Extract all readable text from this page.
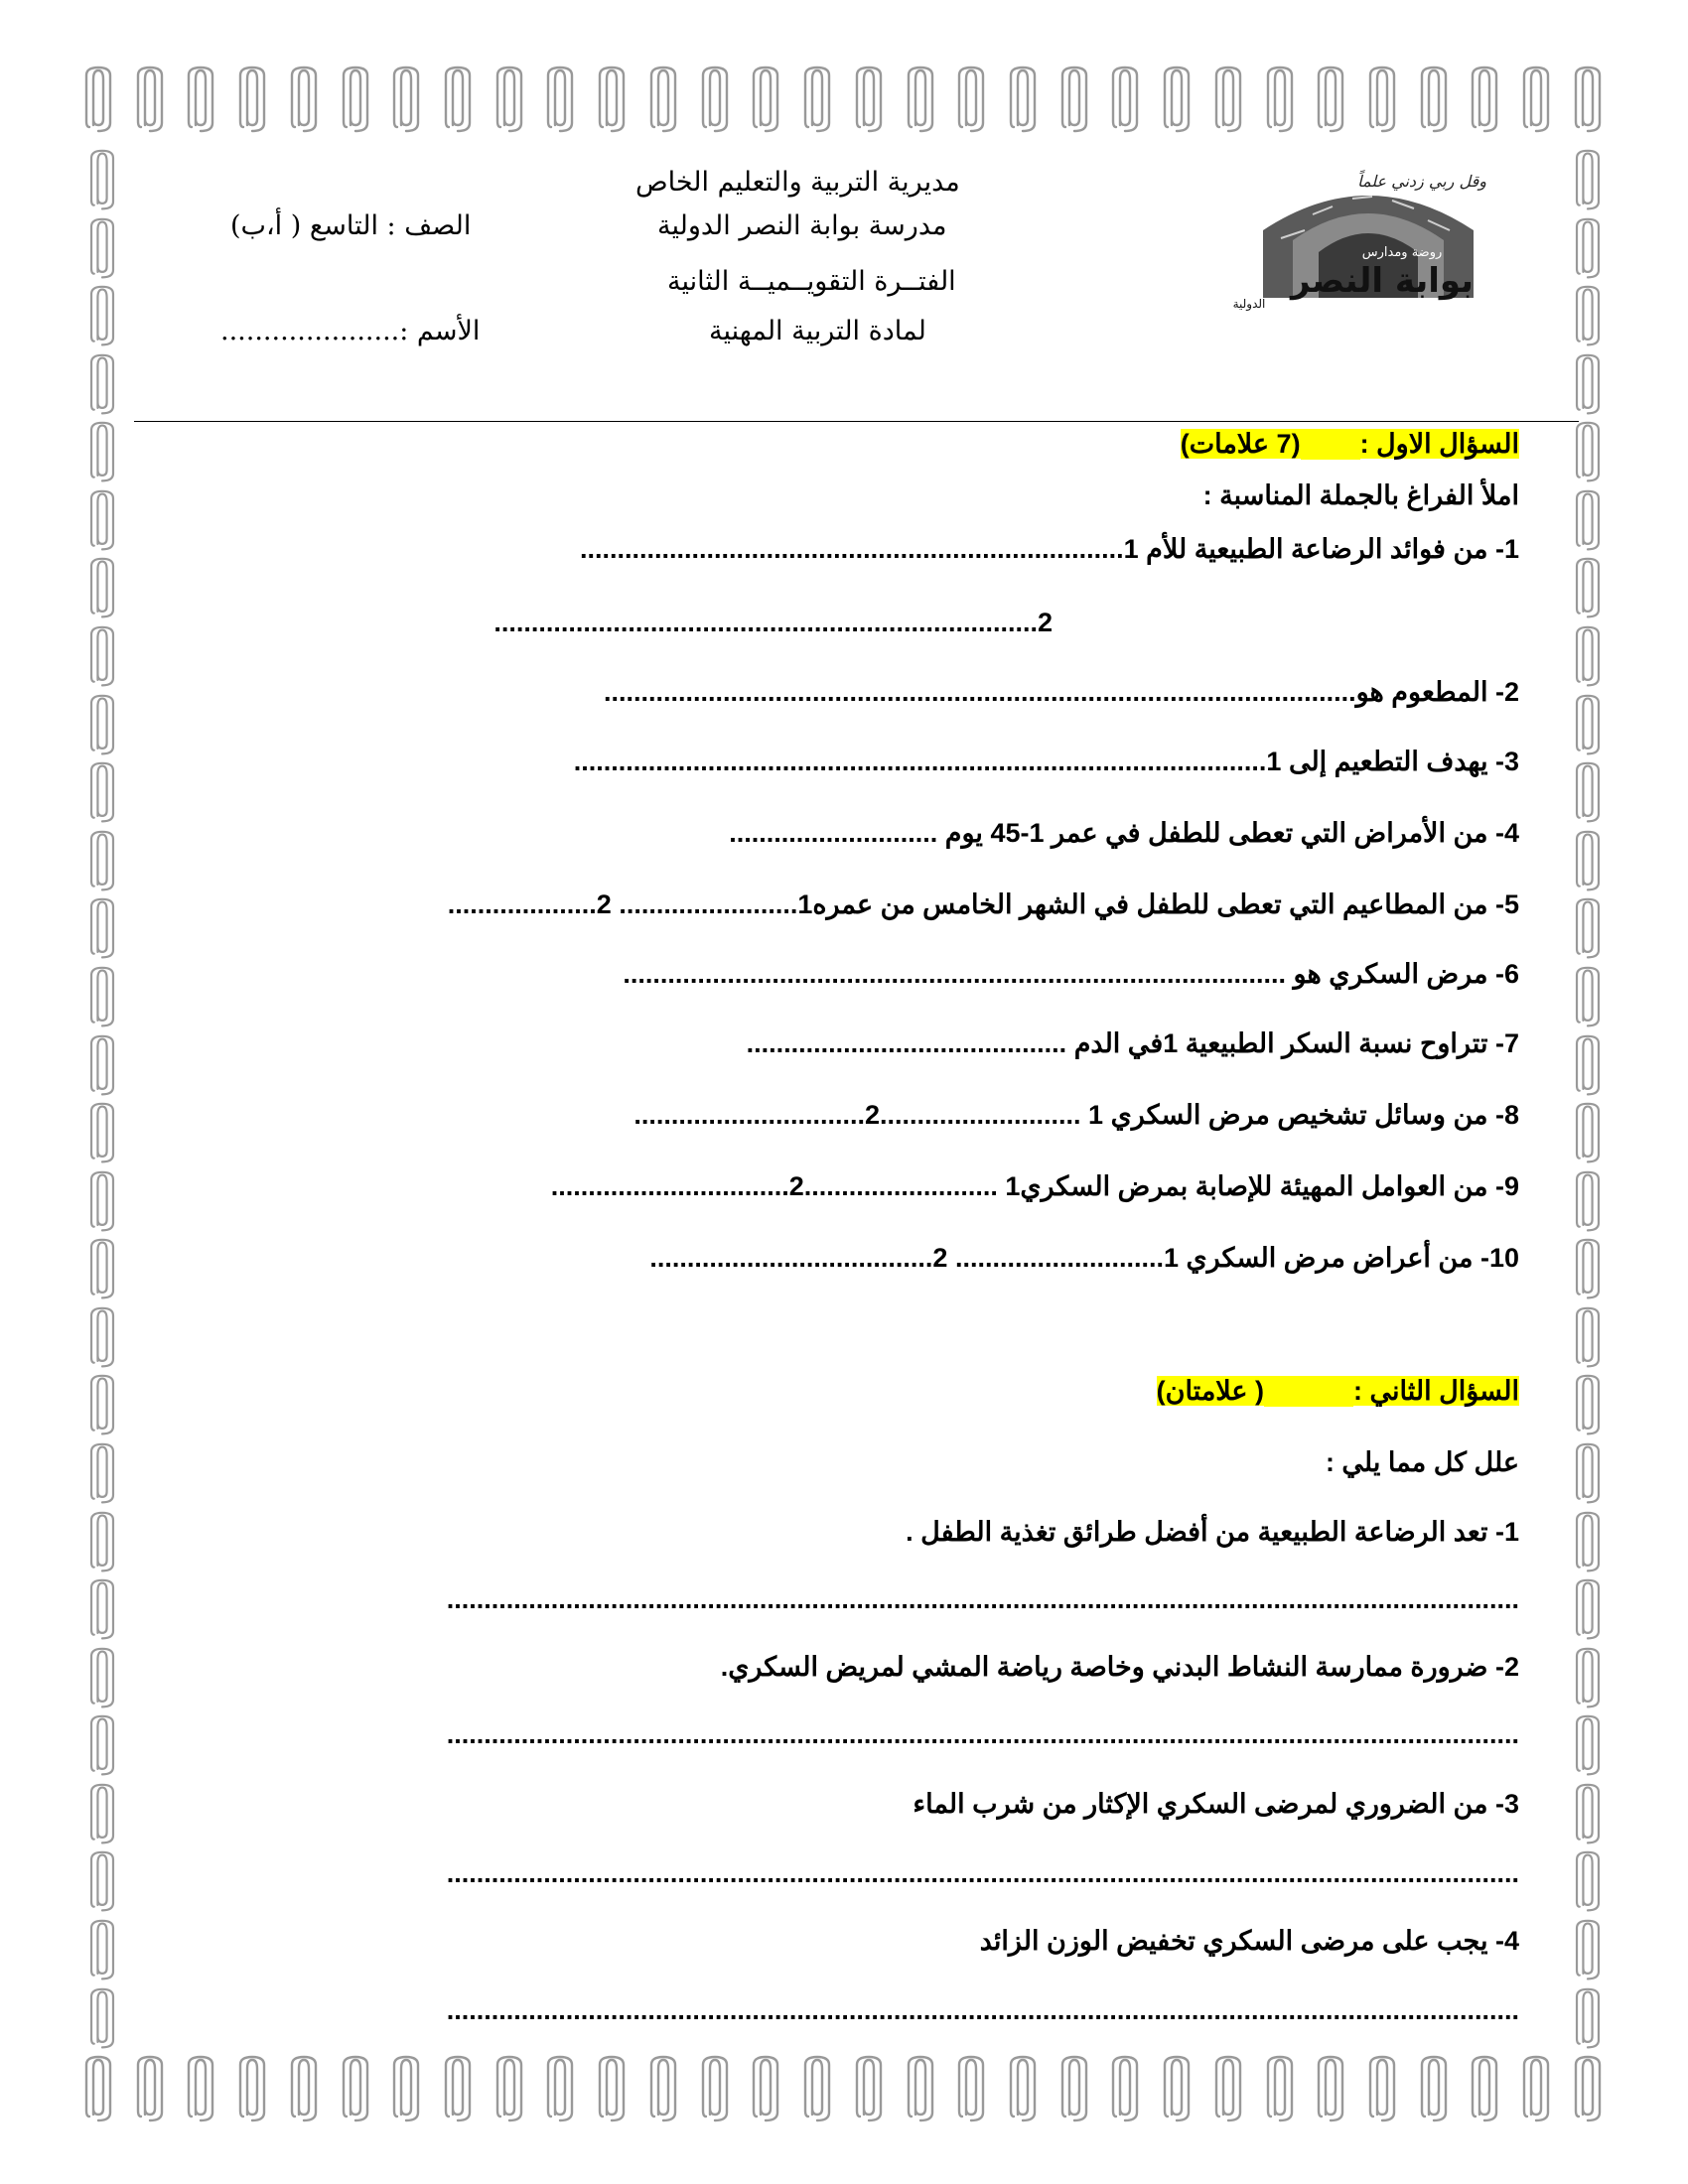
وقل ربي زدني علماً
روضة ومدارس
بوابة النصر
الدولية
مديرية التربية والتعليم الخاص
مدرسة بوابة النصر الدولية
الفتــرة التقويــميــة الثانية
لمادة التربية المهنية
الصف : التاسع ( أ،ب)
الأسم :.....................
السؤال الاول : (7 علامات)
املأ الفراغ بالجملة المناسبة :
1- من فوائد الرضاعة الطبيعية للأم 1.........................................................................
2.........................................................................
2- المطعوم هو.....................................................................................................
3- يهدف التطعيم إلى 1.............................................................................................
4- من الأمراض التي تعطى للطفل في عمر 1-45 يوم ............................
5- من المطاعيم التي تعطى للطفل في الشهر الخامس من عمره1........................ 2....................
6- مرض السكري هو .........................................................................................
7- تتراوح نسبة السكر الطبيعية 1في الدم ...........................................
8- من وسائل تشخيص مرض السكري 1 ...........................2...............................
9- من العوامل المهيئة للإصابة بمرض السكري1 ..........................2................................
10- من أعراض مرض السكري 1............................ 2......................................
السؤال الثاني : ( علامتان)
علل كل مما يلي :
1- تعد الرضاعة الطبيعية من أفضل طرائق تغذية الطفل .
................................................................................................................................................
2- ضرورة ممارسة النشاط البدني وخاصة رياضة المشي لمريض السكري.
................................................................................................................................................
3- من الضروري لمرضى السكري الإكثار من شرب الماء
................................................................................................................................................
4- يجب على مرضى السكري تخفيض الوزن الزائد
................................................................................................................................................
